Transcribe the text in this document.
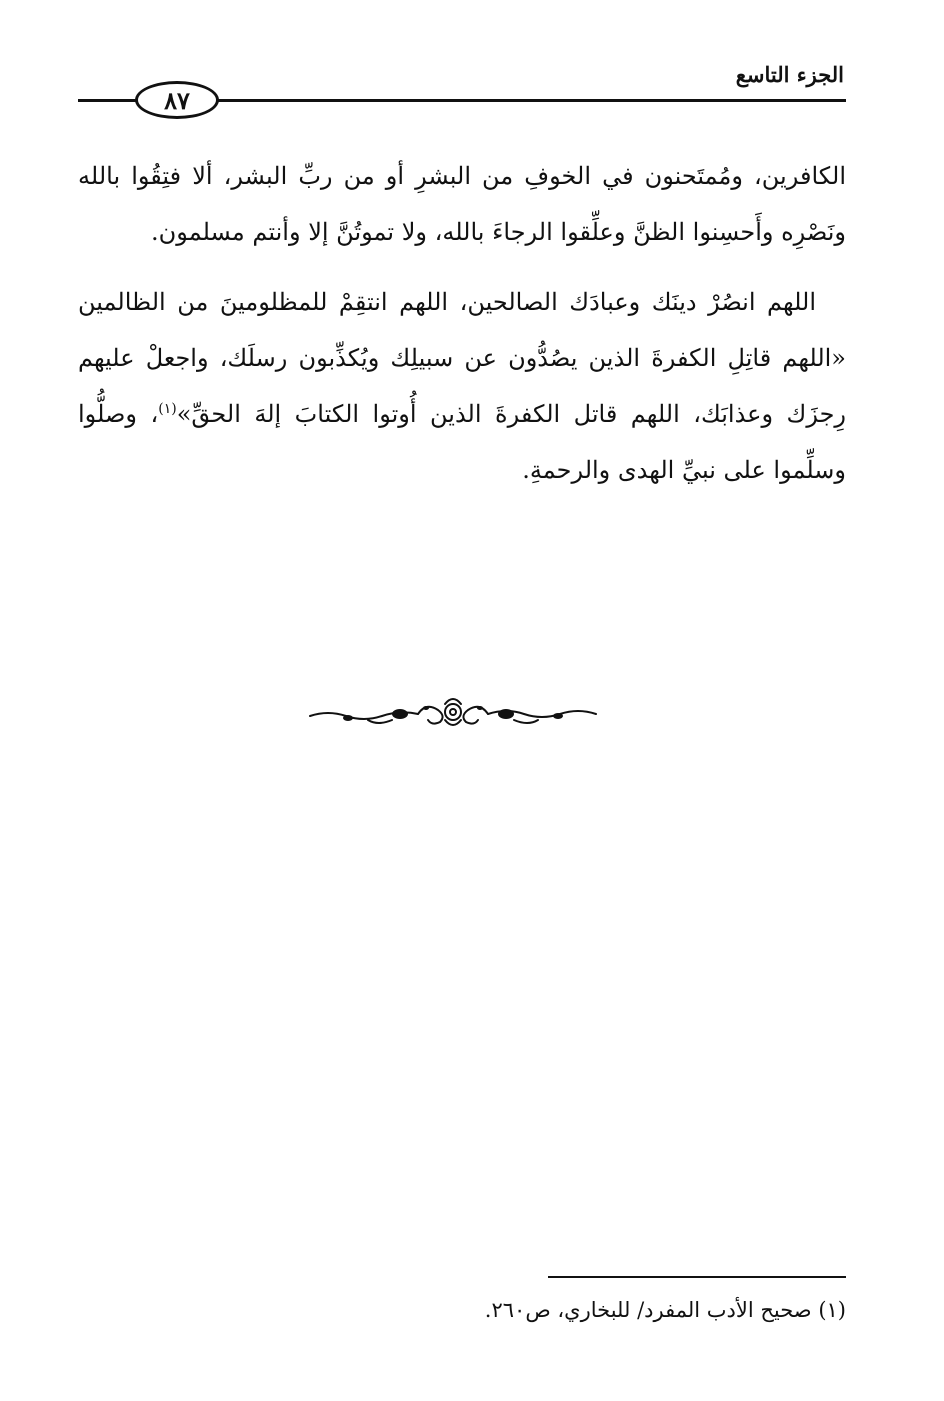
الجزء التاسع
٨٧

الكافرين، ومُمتَحنون في الخوفِ من البشرِ أو من ربِّ البشر، ألا فتِقُوا بالله ونَصْرِه وأَحسِنوا الظنَّ وعلِّقوا الرجاءَ بالله، ولا تموتُنَّ إلا وأنتم مسلمون.

اللهم انصُرْ دينَك وعبادَك الصالحين، اللهم انتقِمْ للمظلومينَ من الظالمين «اللهم قاتِلِ الكفرةَ الذين يصُدُّون عن سبيلِك ويُكذِّبون رسلَك، واجعلْ عليهم رِجزَك وعذابَك، اللهم قاتل الكفرةَ الذين أُوتوا الكتابَ إلهَ الحقِّ»$^{(١)}$، وصلُّوا وسلِّموا على نبيِّ الهدى والرحمةِ.

(١) صحيح الأدب المفرد/ للبخاري، ص٢٦٠.
